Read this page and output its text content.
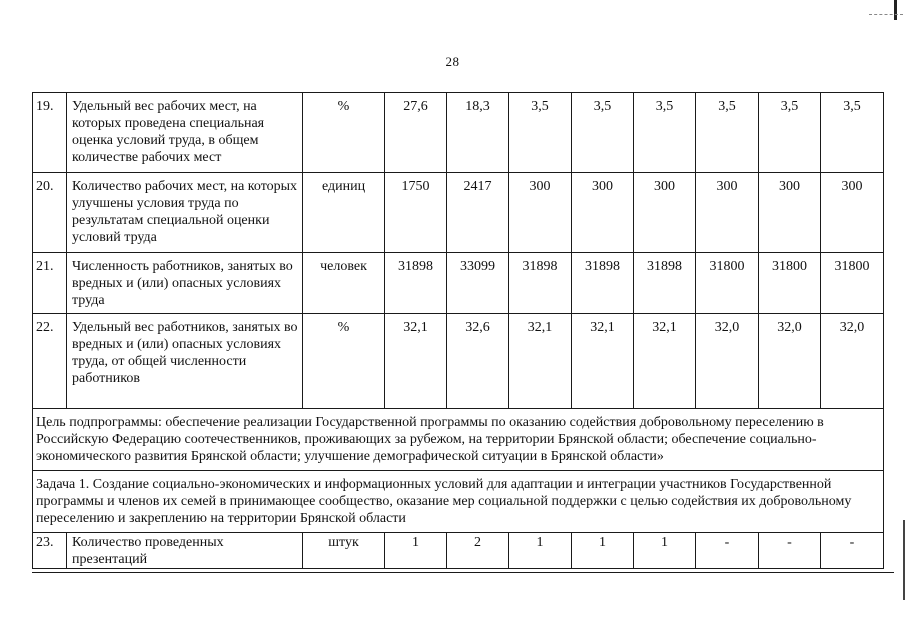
28
19.	Удельный вес рабочих мест, на которых проведена специальная оценка условий труда, в общем количестве рабочих мест	%	27,6	18,3	3,5	3,5	3,5	3,5	3,5	3,5
20.	Количество рабочих мест, на которых улучшены условия труда по результатам специальной оценки условий труда	единиц	1750	2417	300	300	300	300	300	300
21.	Численность работников, занятых во вредных и (или) опасных условиях труда	человек	31898	33099	31898	31898	31898	31800	31800	31800
22.	Удельный вес работников, занятых во вредных и (или) опасных условиях труда, от общей численности работников	%	32,1	32,6	32,1	32,1	32,1	32,0	32,0	32,0
Цель подпрограммы: обеспечение реализации Государственной программы по оказанию содействия добровольному переселению в Российскую Федерацию соотечественников, проживающих за рубежом, на территории Брянской области; обеспечение социально-экономического развития Брянской области; улучшение демографической ситуации в Брянской области»										
Задача 1. Создание социально-экономических и информационных условий для адаптации и интеграции участников Государственной программы и членов их семей в принимающее сообщество, оказание мер социальной поддержки с целью содействия их добровольному переселению и закреплению на территории Брянской области										
23.	Количество проведенных презентаций	штук	1	2	1	1	1	-	-	-
